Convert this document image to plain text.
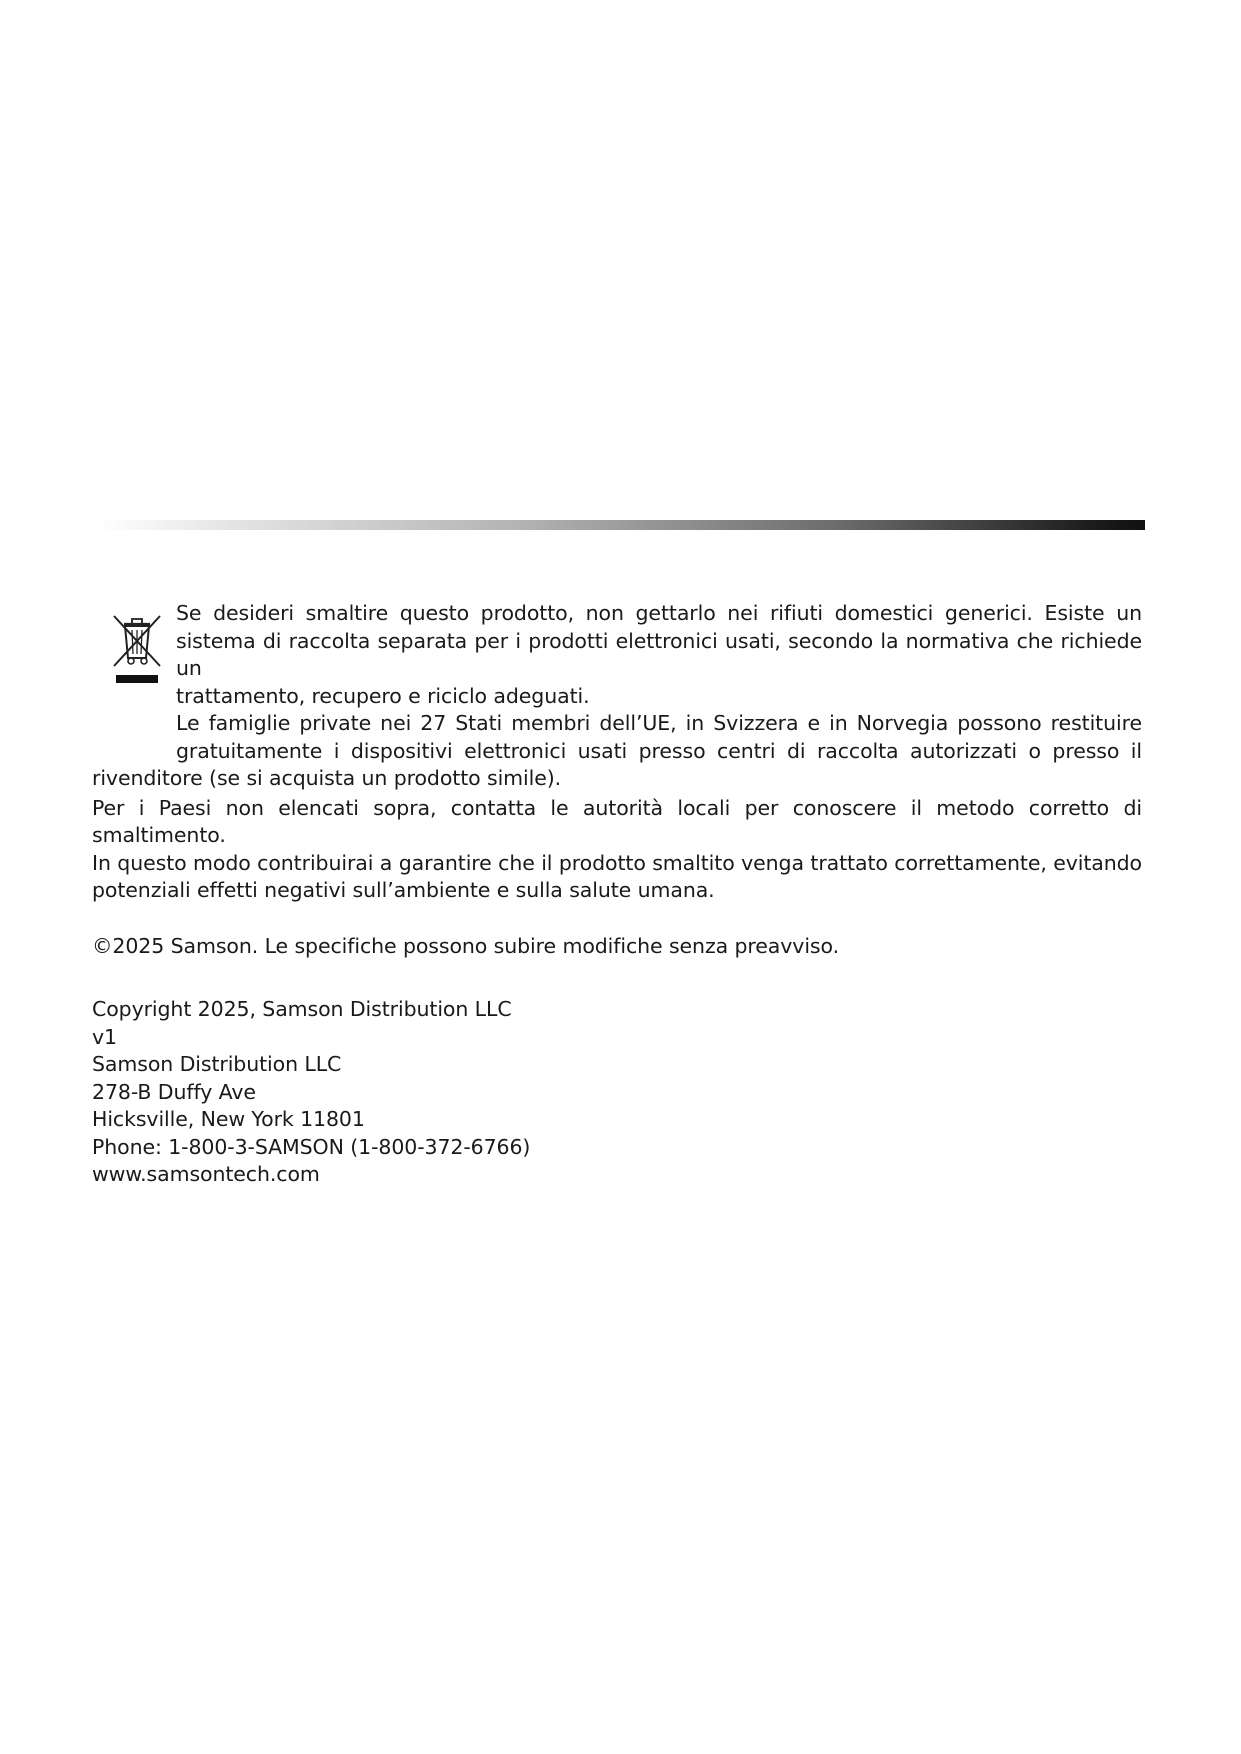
Se desideri smaltire questo prodotto, non gettarlo nei rifiuti domestici generici. Esiste un
sistema di raccolta separata per i prodotti elettronici usati, secondo la normativa che richiede un
trattamento, recupero e riciclo adeguati.
Le famiglie private nei 27 Stati membri dell’UE, in Svizzera e in Norvegia possono restituire
gratuitamente i dispositivi elettronici usati presso centri di raccolta autorizzati o presso il
rivenditore (se si acquista un prodotto simile).
Per i Paesi non elencati sopra, contatta le autorità locali per conoscere il metodo corretto di smaltimento.
In questo modo contribuirai a garantire che il prodotto smaltito venga trattato correttamente, evitando
potenziali effetti negativi sull’ambiente e sulla salute umana.
©2025 Samson. Le specifiche possono subire modifiche senza preavviso.
Copyright 2025, Samson Distribution LLC
v1
Samson Distribution LLC
278-B Duffy Ave
Hicksville, New York 11801
Phone: 1-800-3-SAMSON (1-800-372-6766)
www.samsontech.com
